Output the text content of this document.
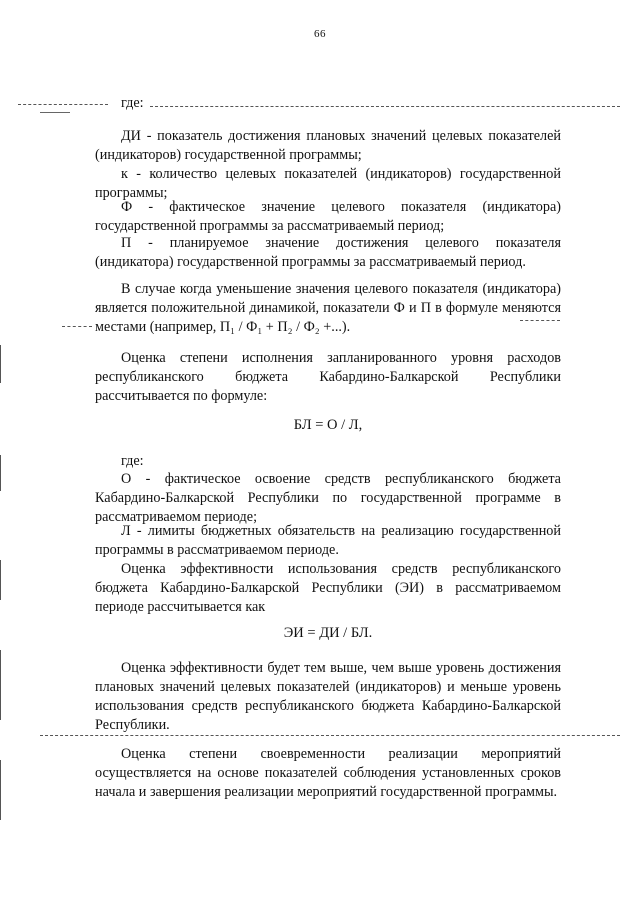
66

где:

ДИ - показатель достижения плановых значений целевых показателей (индикаторов) государственной программы;

к - количество целевых показателей (индикаторов) государственной программы;

Ф - фактическое значение целевого показателя (индикатора) государственной программы за рассматриваемый период;

П - планируемое значение достижения целевого показателя (индикатора) государственной программы за рассматриваемый период.

В случае когда уменьшение значения целевого показателя (индикатора) является положительной динамикой, показатели Ф и П в формуле меняются местами (например, П₁ / Ф₁ + П₂ / Ф₂ +...).

Оценка степени исполнения запланированного уровня расходов республиканского бюджета Кабардино-Балкарской Республики рассчитывается по формуле:

БЛ = О / Л,

где:

О - фактическое освоение средств республиканского бюджета Кабардино-Балкарской Республики по государственной программе в рассматриваемом периоде;

Л - лимиты бюджетных обязательств на реализацию государственной программы в рассматриваемом периоде.

Оценка эффективности использования средств республиканского бюджета Кабардино-Балкарской Республики (ЭИ) в рассматриваемом периоде рассчитывается как

ЭИ = ДИ / БЛ.

Оценка эффективности будет тем выше, чем выше уровень достижения плановых значений целевых показателей (индикаторов) и меньше уровень использования средств республиканского бюджета Кабардино-Балкарской Республики.

Оценка степени своевременности реализации мероприятий осуществляется на основе показателей соблюдения установленных сроков начала и завершения реализации мероприятий государственной программы.
